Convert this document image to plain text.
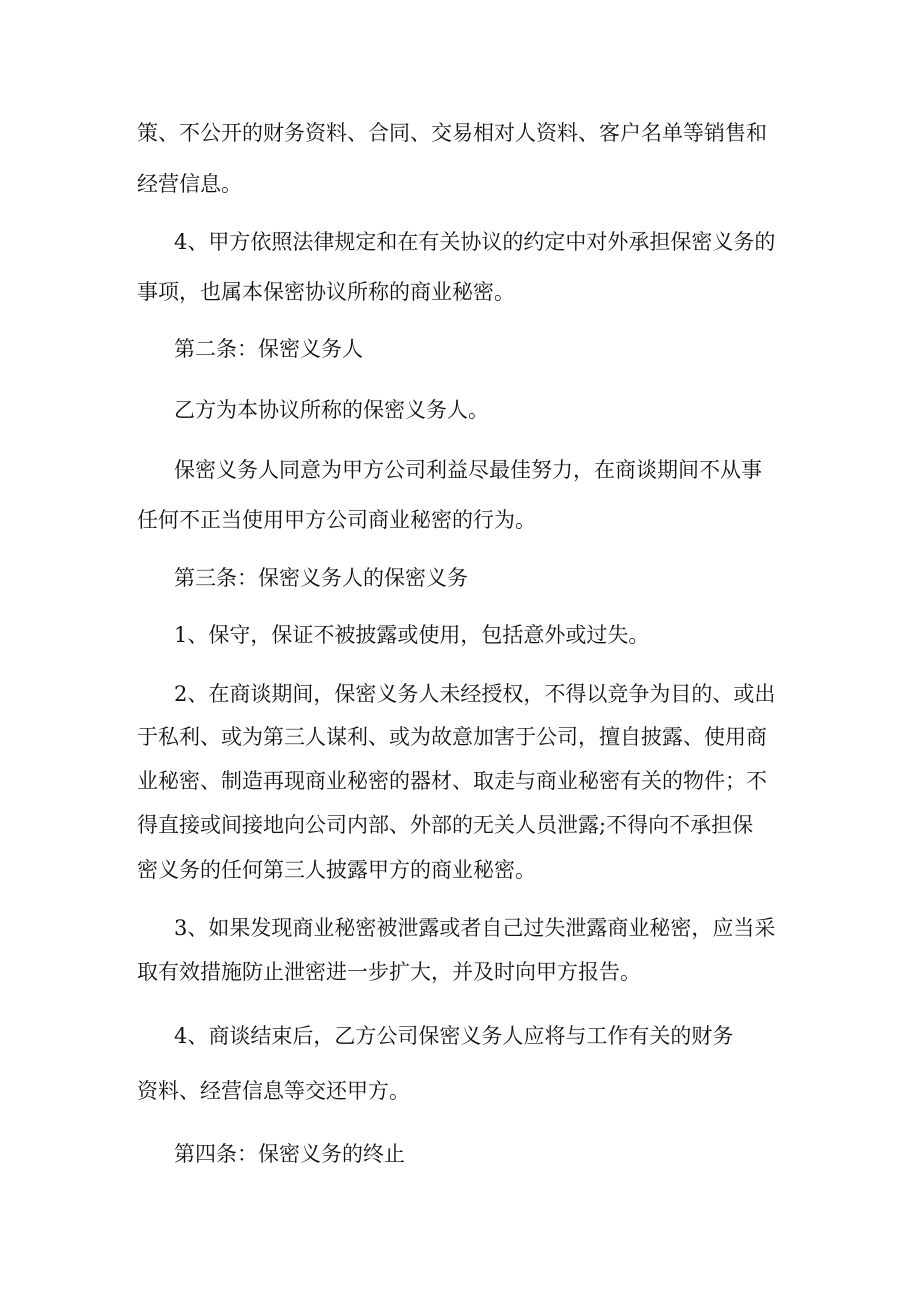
策、不公开的财务资料、合同、交易相对人资料、客户名单等销售和
经营信息。
4、甲方依照法律规定和在有关协议的约定中对外承担保密义务的
事项，也属本保密协议所称的商业秘密。
第二条：保密义务人
乙方为本协议所称的保密义务人。
保密义务人同意为甲方公司利益尽最佳努力，在商谈期间不从事
任何不正当使用甲方公司商业秘密的行为。
第三条：保密义务人的保密义务
1、保守，保证不被披露或使用，包括意外或过失。
2、在商谈期间，保密义务人未经授权，不得以竞争为目的、或出
于私利、或为第三人谋利、或为故意加害于公司，擅自披露、使用商
业秘密、制造再现商业秘密的器材、取走与商业秘密有关的物件；不
得直接或间接地向公司内部、外部的无关人员泄露;不得向不承担保
密义务的任何第三人披露甲方的商业秘密。
3、如果发现商业秘密被泄露或者自己过失泄露商业秘密，应当采
取有效措施防止泄密进一步扩大，并及时向甲方报告。
4、商谈结束后，乙方公司保密义务人应将与工作有关的财务
资料、经营信息等交还甲方。
第四条：保密义务的终止
